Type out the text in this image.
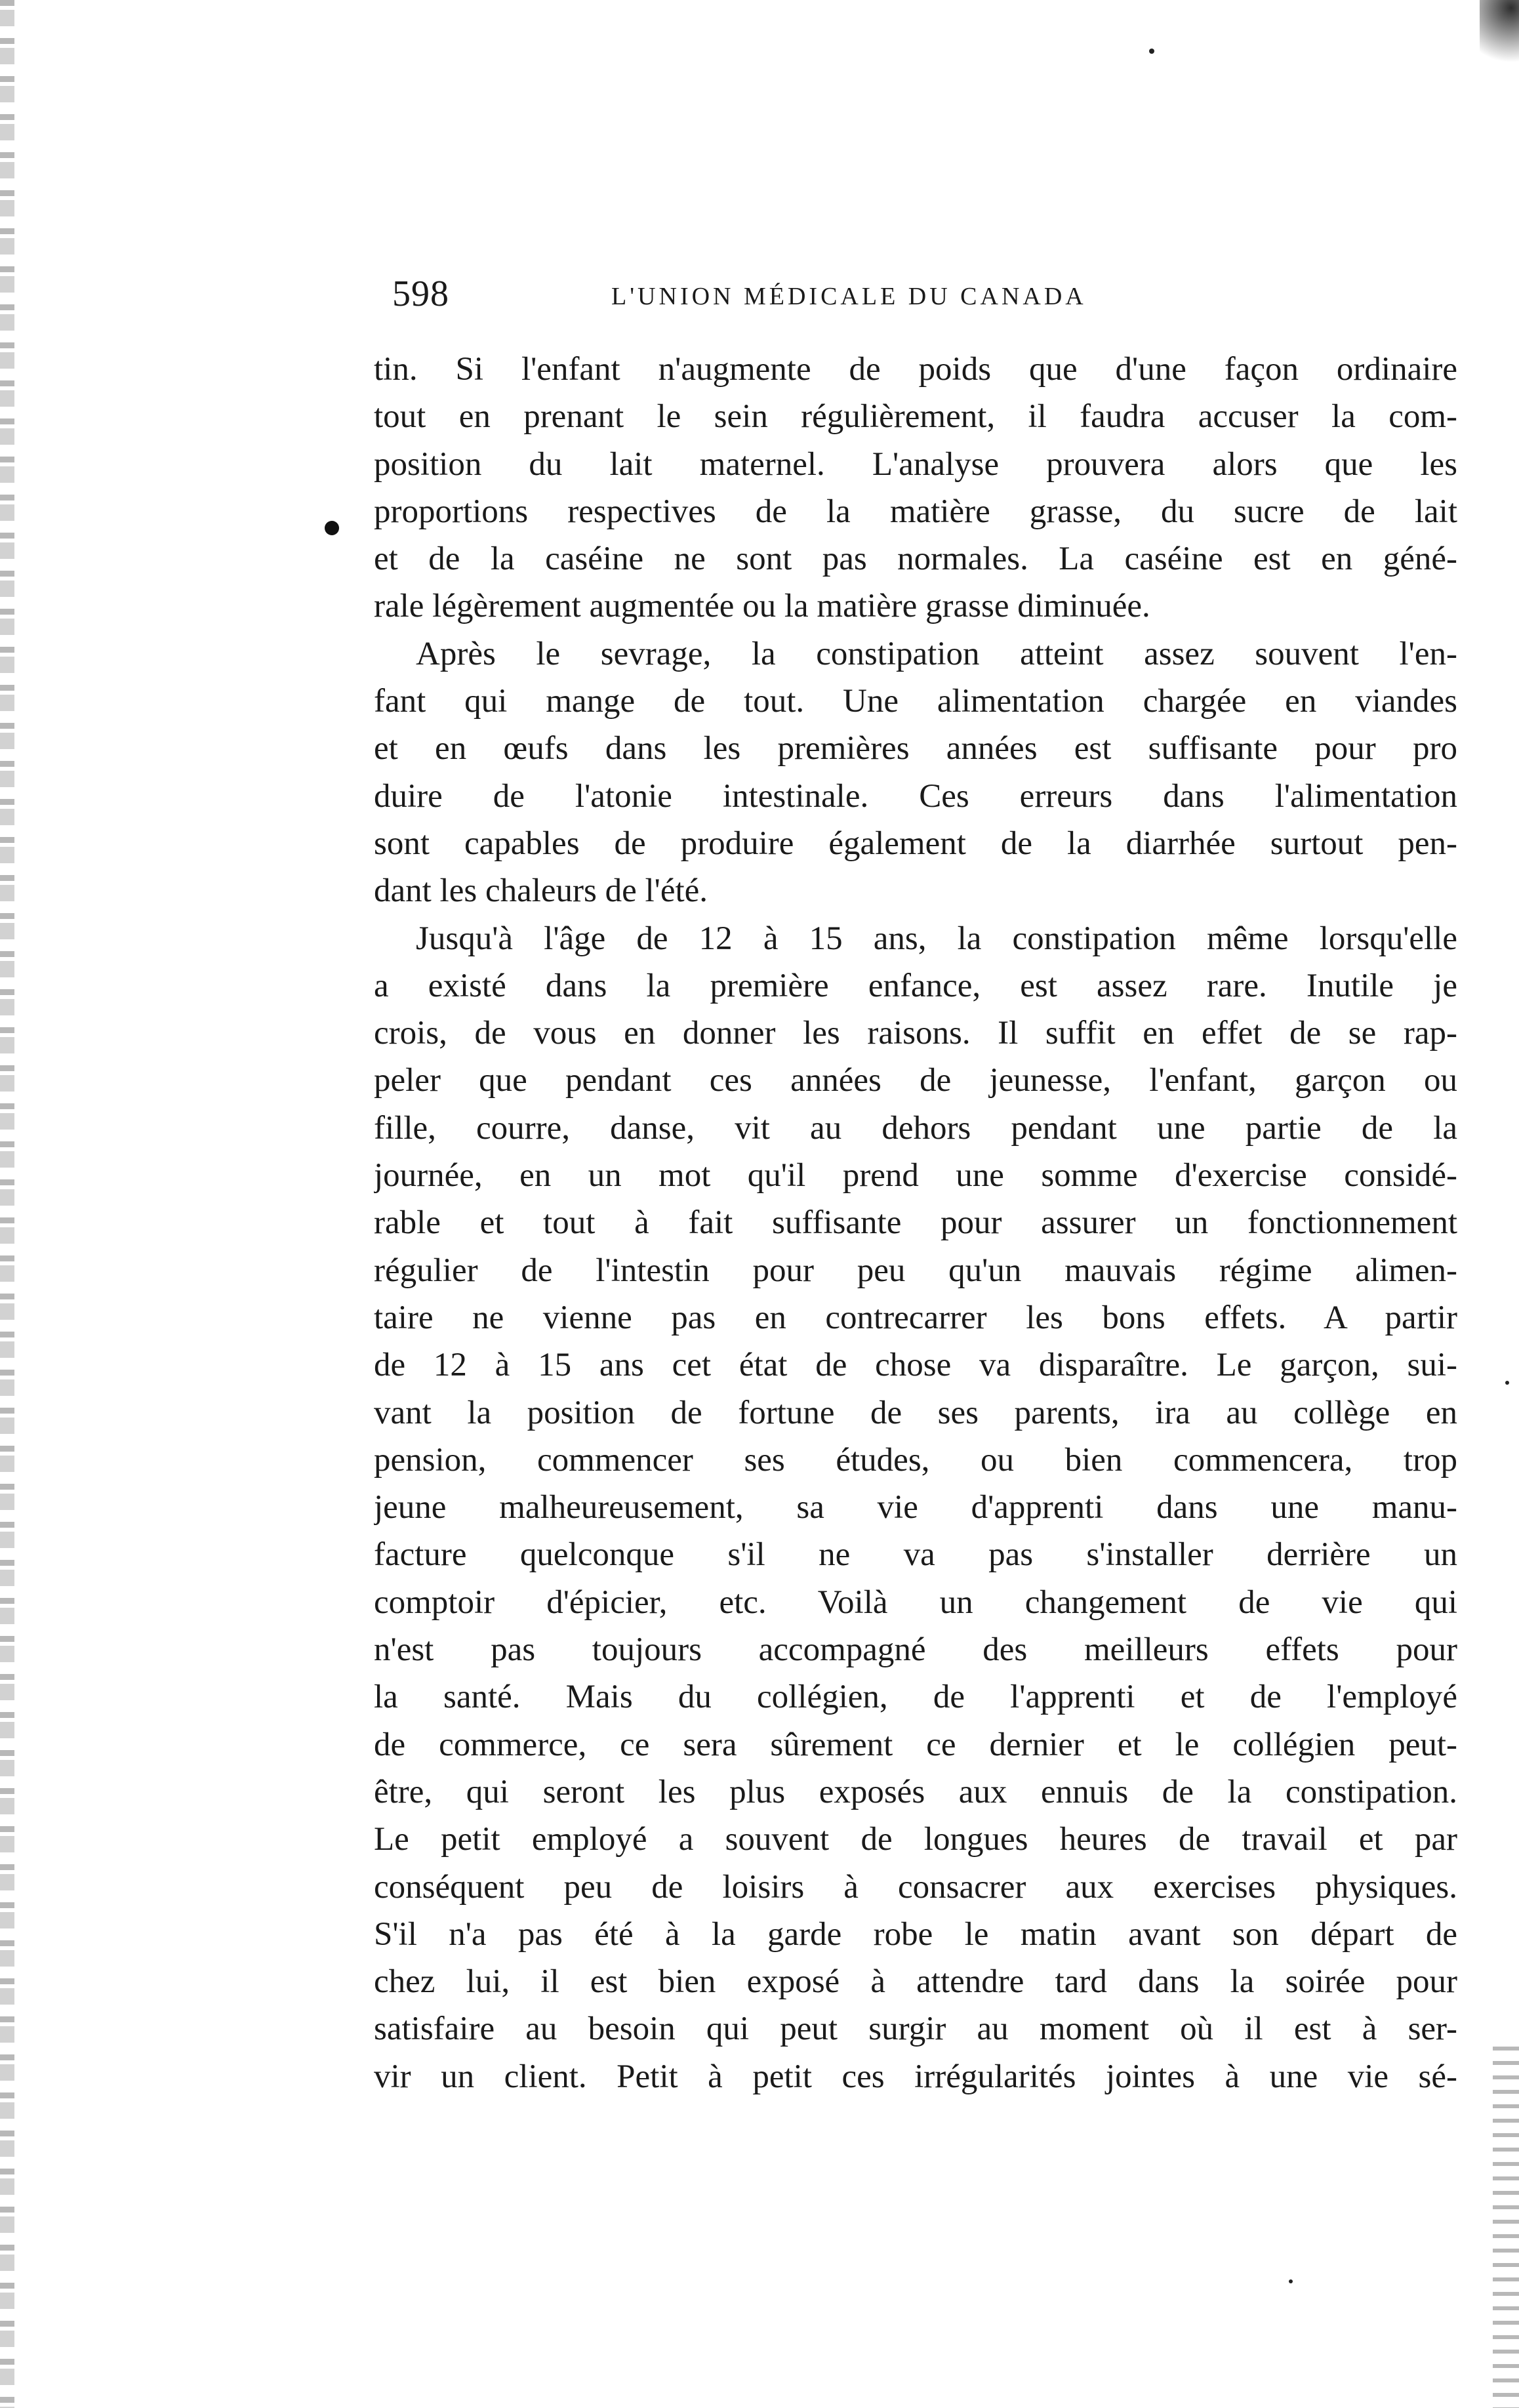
598	L'UNION MÉDICALE DU CANADA
tin. Si l'enfant n'augmente de poids que d'une façon ordinaire
tout en prenant le sein régulièrement, il faudra accuser la com-
position du lait maternel. L'analyse prouvera alors que les
proportions respectives de la matière grasse, du sucre de lait
et de la caséine ne sont pas normales. La caséine est en géné-
rale légèrement augmentée ou la matière grasse diminuée.
Après le sevrage, la constipation atteint assez souvent l'en-
fant qui mange de tout. Une alimentation chargée en viandes
et en œufs dans les premières années est suffisante pour pro
duire de l'atonie intestinale. Ces erreurs dans l'alimentation
sont capables de produire également de la diarrhée surtout pen-
dant les chaleurs de l'été.
Jusqu'à l'âge de 12 à 15 ans, la constipation même lorsqu'elle
a existé dans la première enfance, est assez rare. Inutile je
crois, de vous en donner les raisons. Il suffit en effet de se rap-
peler que pendant ces années de jeunesse, l'enfant, garçon ou
fille, courre, danse, vit au dehors pendant une partie de la
journée, en un mot qu'il prend une somme d'exercise considé-
rable et tout à fait suffisante pour assurer un fonctionnement
régulier de l'intestin pour peu qu'un mauvais régime alimen-
taire ne vienne pas en contrecarrer les bons effets. A partir
de 12 à 15 ans cet état de chose va disparaître. Le garçon, sui-
vant la position de fortune de ses parents, ira au collège en
pension, commencer ses études, ou bien commencera, trop
jeune malheureusement, sa vie d'apprenti dans une manu-
facture quelconque s'il ne va pas s'installer derrière un
comptoir d'épicier, etc. Voilà un changement de vie qui
n'est pas toujours accompagné des meilleurs effets pour
la santé. Mais du collégien, de l'apprenti et de l'employé
de commerce, ce sera sûrement ce dernier et le collégien peut-
être, qui seront les plus exposés aux ennuis de la constipation.
Le petit employé a souvent de longues heures de travail et par
conséquent peu de loisirs à consacrer aux exercises physiques.
S'il n'a pas été à la garde robe le matin avant son départ de
chez lui, il est bien exposé à attendre tard dans la soirée pour
satisfaire au besoin qui peut surgir au moment où il est à ser-
vir un client. Petit à petit ces irrégularités jointes à une vie sé-
